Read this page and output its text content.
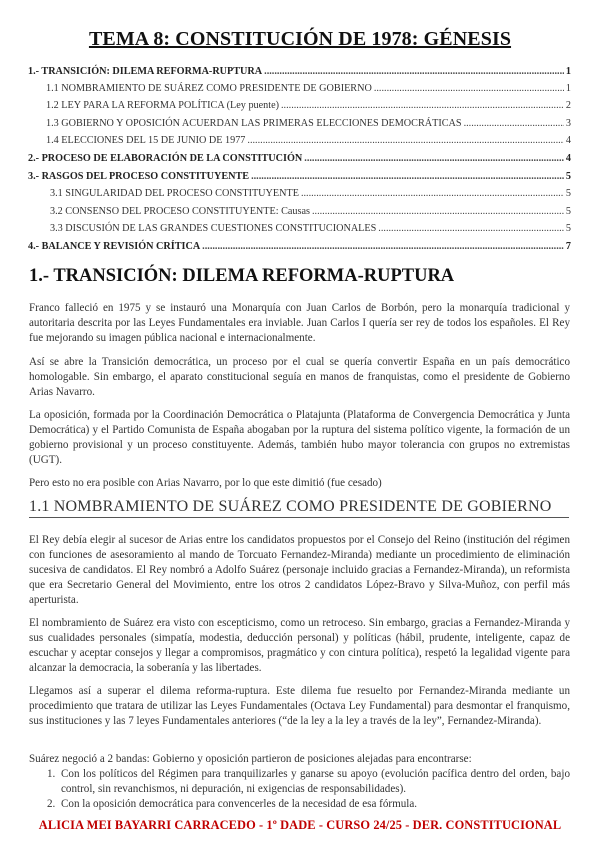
TEMA 8: CONSTITUCIÓN DE 1978: GÉNESIS
1.- TRANSICIÓN: DILEMA REFORMA-RUPTURA .....	1
1.1 NOMBRAMIENTO DE SUÁREZ COMO PRESIDENTE DE GOBIERNO .....	1
1.2 LEY PARA LA REFORMA POLÍTICA (Ley puente) .....	2
1.3 GOBIERNO Y OPOSICIÓN ACUERDAN LAS PRIMERAS ELECCIONES DEMOCRÁTICAS .....	3
1.4 ELECCIONES DEL 15 DE JUNIO DE 1977 .....	4
2.- PROCESO DE ELABORACIÓN DE LA CONSTITUCIÓN .....	4
3.- RASGOS DEL PROCESO CONSTITUYENTE .....	5
3.1 SINGULARIDAD DEL PROCESO CONSTITUYENTE .....	5
3.2 CONSENSO DEL PROCESO CONSTITUYENTE: Causas .....	5
3.3 DISCUSIÓN DE LAS GRANDES CUESTIONES CONSTITUCIONALES .....	5
4.- BALANCE Y REVISIÓN CRÍTICA .....	7
1.- TRANSICIÓN: DILEMA REFORMA-RUPTURA

Franco falleció en 1975 y se instauró una Monarquía con Juan Carlos de Borbón, pero la monarquía tradicional y autoritaria descrita por las Leyes Fundamentales era inviable. Juan Carlos I quería ser rey de todos los españoles. El Rey fue mejorando su imagen pública nacional e internacionalmente.

Así se abre la Transición democrática, un proceso por el cual se quería convertir España en un país democrático homologable. Sin embargo, el aparato constitucional seguía en manos de franquistas, como el presidente de Gobierno Arias Navarro.

La oposición, formada por la Coordinación Democrática o Platajunta (Plataforma de Convergencia Democrática y Junta Democrática) y el Partido Comunista de España abogaban por la ruptura del sistema político vigente, la formación de un gobierno provisional y un proceso constituyente. Además, también hubo mayor tolerancia con grupos no extremistas (UGT).

Pero esto no era posible con Arias Navarro, por lo que este dimitió (fue cesado)

1.1 NOMBRAMIENTO DE SUÁREZ COMO PRESIDENTE DE GOBIERNO

El Rey debía elegir al sucesor de Arias entre los candidatos propuestos por el Consejo del Reino (institución del régimen con funciones de asesoramiento al mando de Torcuato Fernandez-Miranda) mediante un procedimiento de eliminación sucesiva de candidatos. El Rey nombró a Adolfo Suárez (personaje incluido gracias a Fernandez-Miranda), un reformista que era Secretario General del Movimiento, entre los otros 2 candidatos López-Bravo y Silva-Muñoz, con perfil más aperturista.

El nombramiento de Suárez era visto con escepticismo, como un retroceso. Sin embargo, gracias a Fernandez-Miranda y sus cualidades personales (simpatía, modestia, deducción personal) y políticas (hábil, prudente, inteligente, capaz de escuchar y aceptar consejos y llegar a compromisos, pragmático y con cintura política), respetó la legalidad vigente para alcanzar la democracia, la soberanía y las libertades.

Llegamos así a superar el dilema reforma-ruptura. Este dilema fue resuelto por Fernandez-Miranda mediante un procedimiento que tratara de utilizar las Leyes Fundamentales (Octava Ley Fundamental) para desmontar el franquismo, sus instituciones y las 7 leyes Fundamentales anteriores (“de la ley a la ley a través de la ley”, Fernandez-Miranda).

Suárez negoció a 2 bandas: Gobierno y oposición partieron de posiciones alejadas para encontrarse:

1. Con los políticos del Régimen para tranquilizarles y ganarse su apoyo (evolución pacífica dentro del orden, bajo control, sin revanchismos, ni depuración, ni exigencias de responsabilidades).
2. Con la oposición democrática para convencerles de la necesidad de esa fórmula.
ALICIA MEI BAYARRI CARRACEDO - 1º DADE - CURSO 24/25 - DER. CONSTITUCIONAL
